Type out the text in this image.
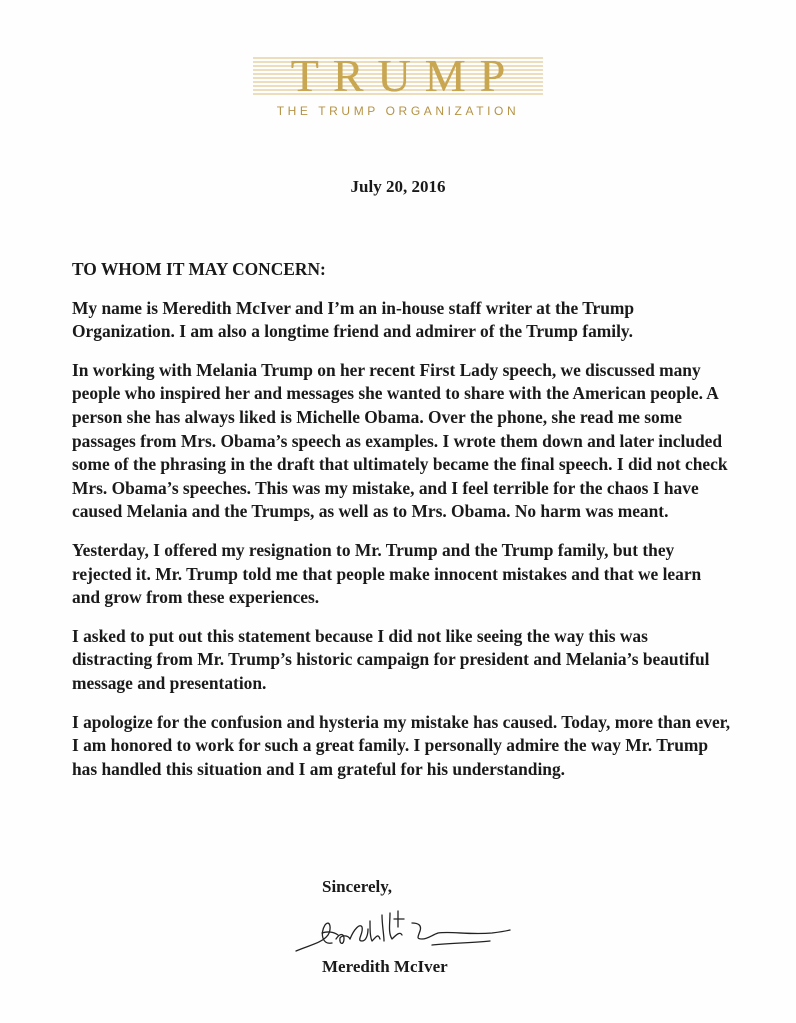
TRUMP
THE TRUMP ORGANIZATION
July 20, 2016

TO WHOM IT MAY CONCERN:

My name is Meredith McIver and I’m an in-house staff writer at the Trump Organization. I am also a longtime friend and admirer of the Trump family.

In working with Melania Trump on her recent First Lady speech, we discussed many people who inspired her and messages she wanted to share with the American people. A person she has always liked is Michelle Obama. Over the phone, she read me some passages from Mrs. Obama’s speech as examples. I wrote them down and later included some of the phrasing in the draft that ultimately became the final speech. I did not check Mrs. Obama’s speeches. This was my mistake, and I feel terrible for the chaos I have caused Melania and the Trumps, as well as to Mrs. Obama. No harm was meant.

Yesterday, I offered my resignation to Mr. Trump and the Trump family, but they rejected it. Mr. Trump told me that people make innocent mistakes and that we learn and grow from these experiences.

I asked to put out this statement because I did not like seeing the way this was distracting from Mr. Trump’s historic campaign for president and Melania’s beautiful message and presentation.

I apologize for the confusion and hysteria my mistake has caused. Today, more than ever, I am honored to work for such a great family. I personally admire the way Mr. Trump has handled this situation and I am grateful for his understanding.

Sincerely,
Meredith McIver
